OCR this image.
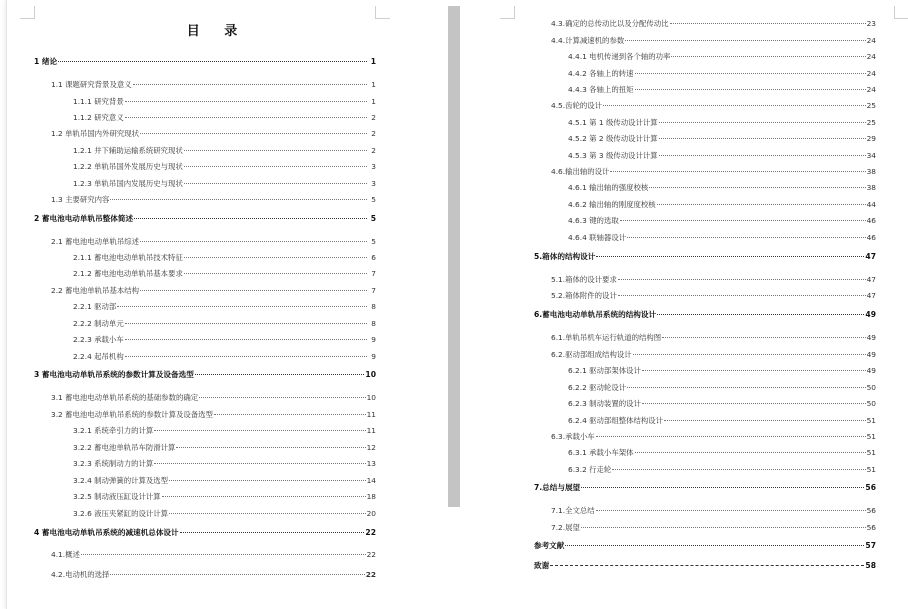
目 录
1 绪论	1
1.1 课题研究背景及意义	1
1.1.1 研究背景	1
1.1.2 研究意义	2
1.2 单轨吊国内外研究现状	2
1.2.1 井下辅助运输系统研究现状	2
1.2.2 单轨吊国外发展历史与现状	3
1.2.3 单轨吊国内发展历史与现状	3
1.3 主要研究内容	5
2 蓄电池电动单轨吊整体简述	5
2.1 蓄电池电动单轨吊综述	5
2.1.1 蓄电池电动单轨吊技术特征	6
2.1.2 蓄电池电动单轨吊基本要求	7
2.2 蓄电池单轨吊基本结构	7
2.2.1 驱动部	8
2.2.2 制动单元	8
2.2.3 承载小车	9
2.2.4 起吊机构	9
3 蓄电池电动单轨吊系统的参数计算及设备选型	10
3.1 蓄电池电动单轨吊系统的基础参数的确定	10
3.2 蓄电池电动单轨吊系统的参数计算及设备选型	11
3.2.1 系统牵引力的计算	11
3.2.2 蓄电池单轨吊车防滑计算	12
3.2.3 系统制动力的计算	13
3.2.4 制动弹簧的计算及选型	14
3.2.5 制动液压缸设计计算	18
3.2.6 液压夹紧缸的设计计算	20
4 蓄电池电动单轨吊系统的减速机总体设计	22
4.1.概述	22
4.2.电动机的选择	22
4.3.确定的总传动比以及分配传动比	23
4.4.计算减速机的参数	24
4.4.1 电机传递到各个轴的功率	24
4.4.2 各轴上的转速	24
4.4.3 各轴上的扭矩	24
4.5.齿轮的设计	25
4.5.1 第 1 级传动设计计算	25
4.5.2 第 2 级传动设计计算	29
4.5.3 第 3 级传动设计计算	34
4.6.输出轴的设计	38
4.6.1 输出轴的强度校核	38
4.6.2 输出轴的刚度度校核	44
4.6.3 键的选取	46
4.6.4 联轴器设计	46
5.箱体的结构设计	47
5.1.箱体的设计要求	47
5.2.箱体附件的设计	47
6.蓄电池电动单轨吊系统的结构设计	49
6.1.单轨吊机车运行轨道的结构图	49
6.2.驱动部组成结构设计	49
6.2.1 驱动部架体设计	49
6.2.2 驱动轮设计	50
6.2.3 制动装置的设计	50
6.2.4 驱动部组整体结构设计	51
6.3.承载小车	51
6.3.1 承载小车架体	51
6.3.2 行走轮	51
7.总结与展望	56
7.1.全文总结	56
7.2.展望	56
参考文献	57
致谢	58
